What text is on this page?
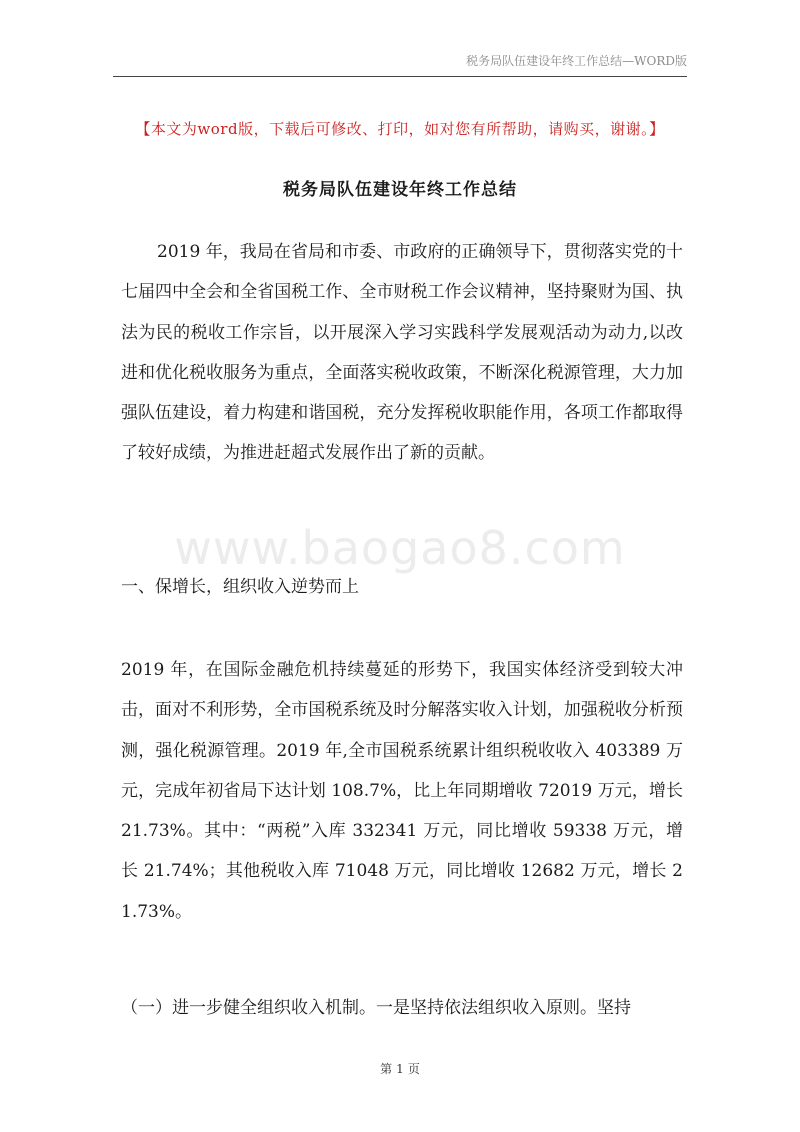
税务局队伍建设年终工作总结—WORD版
【本文为word版，下载后可修改、打印，如对您有所帮助，请购买，谢谢。】
税务局队伍建设年终工作总结
2019 年，我局在省局和市委、市政府的正确领导下，贯彻落实党的十七届四中全会和全省国税工作、全市财税工作会议精神，坚持聚财为国、执法为民的税收工作宗旨，以开展深入学习实践科学发展观活动为动力,以改进和优化税收服务为重点，全面落实税收政策，不断深化税源管理，大力加强队伍建设，着力构建和谐国税，充分发挥税收职能作用，各项工作都取得了较好成绩，为推进赶超式发展作出了新的贡献。
www.baogao8.com
一、保增长，组织收入逆势而上
2019 年，在国际金融危机持续蔓延的形势下，我国实体经济受到较大冲击，面对不利形势，全市国税系统及时分解落实收入计划，加强税收分析预测，强化税源管理。2019 年,全市国税系统累计组织税收收入 403389 万元，完成年初省局下达计划 108.7%，比上年同期增收 72019 万元，增长 21.73%。其中：“两税”入库 332341 万元，同比增收 59338 万元，增长 21.74%；其他税收入库 71048 万元，同比增收 12682 万元，增长 21.73%。
（一）进一步健全组织收入机制。一是坚持依法组织收入原则。坚持
第 1 页
